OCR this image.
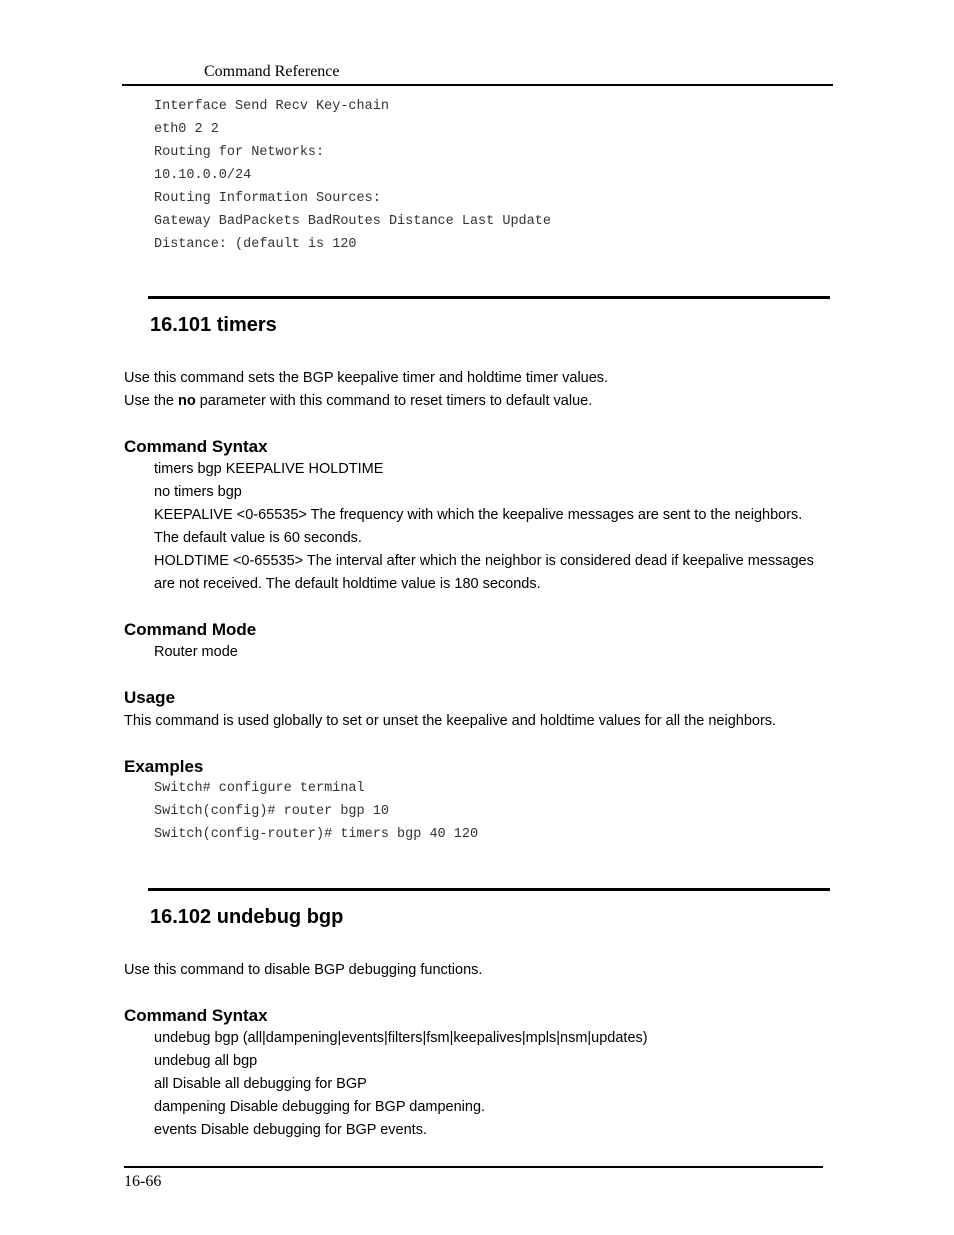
Command Reference
Interface Send Recv Key-chain
eth0 2 2
Routing for Networks:
10.10.0.0/24
Routing Information Sources:
Gateway BadPackets BadRoutes Distance Last Update
Distance: (default is 120
16.101 timers
Use this command sets the BGP keepalive timer and holdtime timer values.
Use the no parameter with this command to reset timers to default value.
Command Syntax
timers bgp KEEPALIVE HOLDTIME
no timers bgp
KEEPALIVE <0-65535> The frequency with which the keepalive messages are sent to the neighbors.
The default value is 60 seconds.
HOLDTIME <0-65535> The interval after which the neighbor is considered dead if keepalive messages
are not received. The default holdtime value is 180 seconds.
Command Mode
Router mode
Usage
This command is used globally to set or unset the keepalive and holdtime values for all the neighbors.
Examples
Switch# configure terminal
Switch(config)# router bgp 10
Switch(config-router)# timers bgp 40 120
16.102 undebug bgp
Use this command to disable BGP debugging functions.
Command Syntax
undebug bgp (all|dampening|events|filters|fsm|keepalives|mpls|nsm|updates)
undebug all bgp
all Disable all debugging for BGP
dampening Disable debugging for BGP dampening.
events Disable debugging for BGP events.
16-66
